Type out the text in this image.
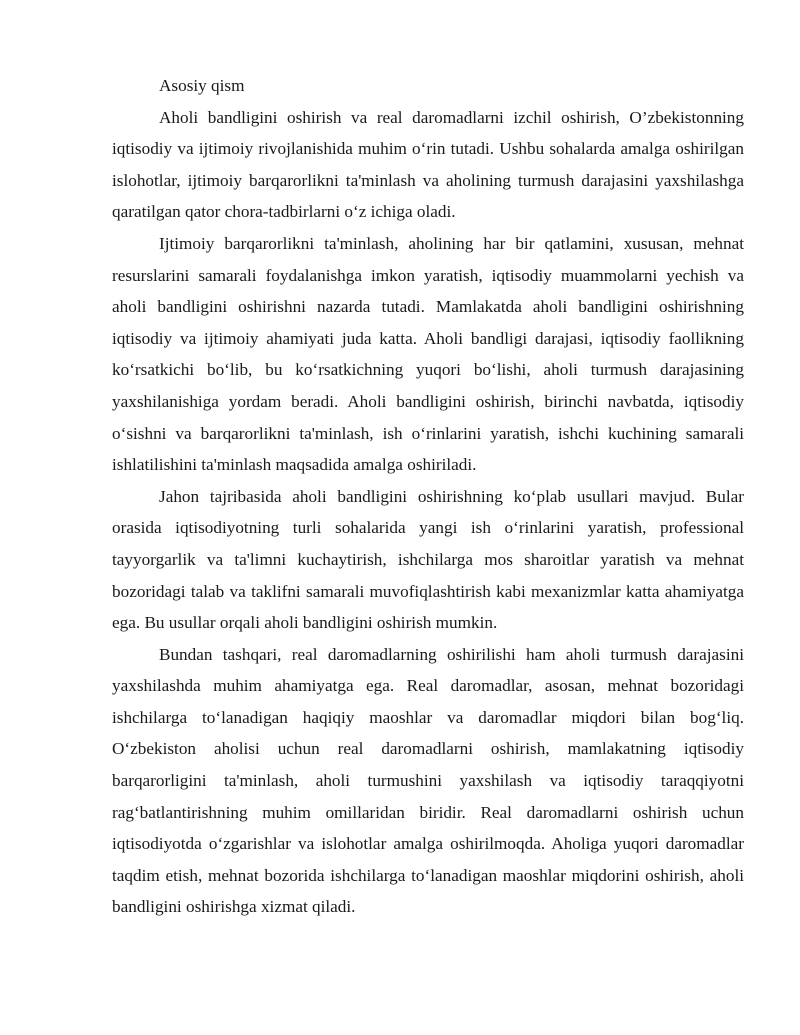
Asosiy qism

Aholi bandligini oshirish va real daromadlarni izchil oshirish, O’zbekistonning iqtisodiy va ijtimoiy rivojlanishida muhim o‘rin tutadi. Ushbu sohalarda amalga oshirilgan islohotlar, ijtimoiy barqarorlikni ta'minlash va aholining turmush darajasini yaxshilashga qaratilgan qator chora-tadbirlarni o‘z ichiga oladi.

Ijtimoiy barqarorlikni ta'minlash, aholining har bir qatlamini, xususan, mehnat resurslarini samarali foydalanishga imkon yaratish, iqtisodiy muammolarni yechish va aholi bandligini oshirishni nazarda tutadi. Mamlakatda aholi bandligini oshirishning iqtisodiy va ijtimoiy ahamiyati juda katta. Aholi bandligi darajasi, iqtisodiy faollikning ko‘rsatkichi bo‘lib, bu ko‘rsatkichning yuqori bo‘lishi, aholi turmush darajasining yaxshilanishiga yordam beradi. Aholi bandligini oshirish, birinchi navbatda, iqtisodiy o‘sishni va barqarorlikni ta'minlash, ish o‘rinlarini yaratish, ishchi kuchining samarali ishlatilishini ta'minlash maqsadida amalga oshiriladi.

Jahon tajribasida aholi bandligini oshirishning ko‘plab usullari mavjud. Bular orasida iqtisodiyotning turli sohalarida yangi ish o‘rinlarini yaratish, professional tayyorgarlik va ta'limni kuchaytirish, ishchilarga mos sharoitlar yaratish va mehnat bozoridagi talab va taklifni samarali muvofiqlashtirish kabi mexanizmlar katta ahamiyatga ega. Bu usullar orqali aholi bandligini oshirish mumkin.

Bundan tashqari, real daromadlarning oshirilishi ham aholi turmush darajasini yaxshilashda muhim ahamiyatga ega. Real daromadlar, asosan, mehnat bozoridagi ishchilarga to‘lanadigan haqiqiy maoshlar va daromadlar miqdori bilan bog‘liq. O‘zbekiston aholisi uchun real daromadlarni oshirish, mamlakatning iqtisodiy barqarorligini ta'minlash, aholi turmushini yaxshilash va iqtisodiy taraqqiyotni rag‘batlantirishning muhim omillaridan biridir. Real daromadlarni oshirish uchun iqtisodiyotda o‘zgarishlar va islohotlar amalga oshirilmoqda. Aholiga yuqori daromadlar taqdim etish, mehnat bozorida ishchilarga to‘lanadigan maoshlar miqdorini oshirish, aholi bandligini oshirishga xizmat qiladi.
